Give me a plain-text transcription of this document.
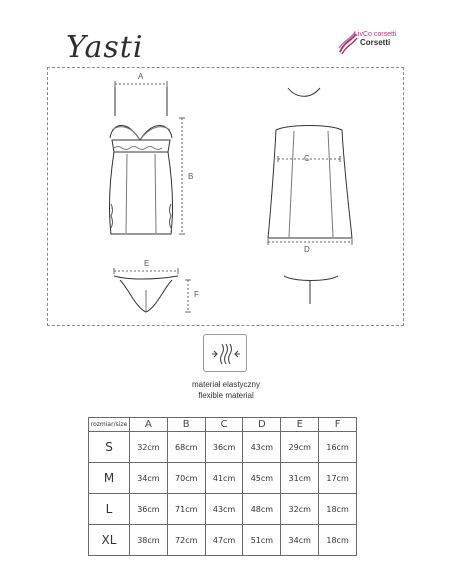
Yasti	LivCo corsetti
Corsetti
A
B
C
D
E
F
materiał elastyczny
flexible material
rozmiar/size	A	B	C	D	E	F
S	32cm	68cm	36cm	43cm	29cm	16cm
M	34cm	70cm	41cm	45cm	31cm	17cm
L	36cm	71cm	43cm	48cm	32cm	18cm
XL	38cm	72cm	47cm	51cm	34cm	18cm
